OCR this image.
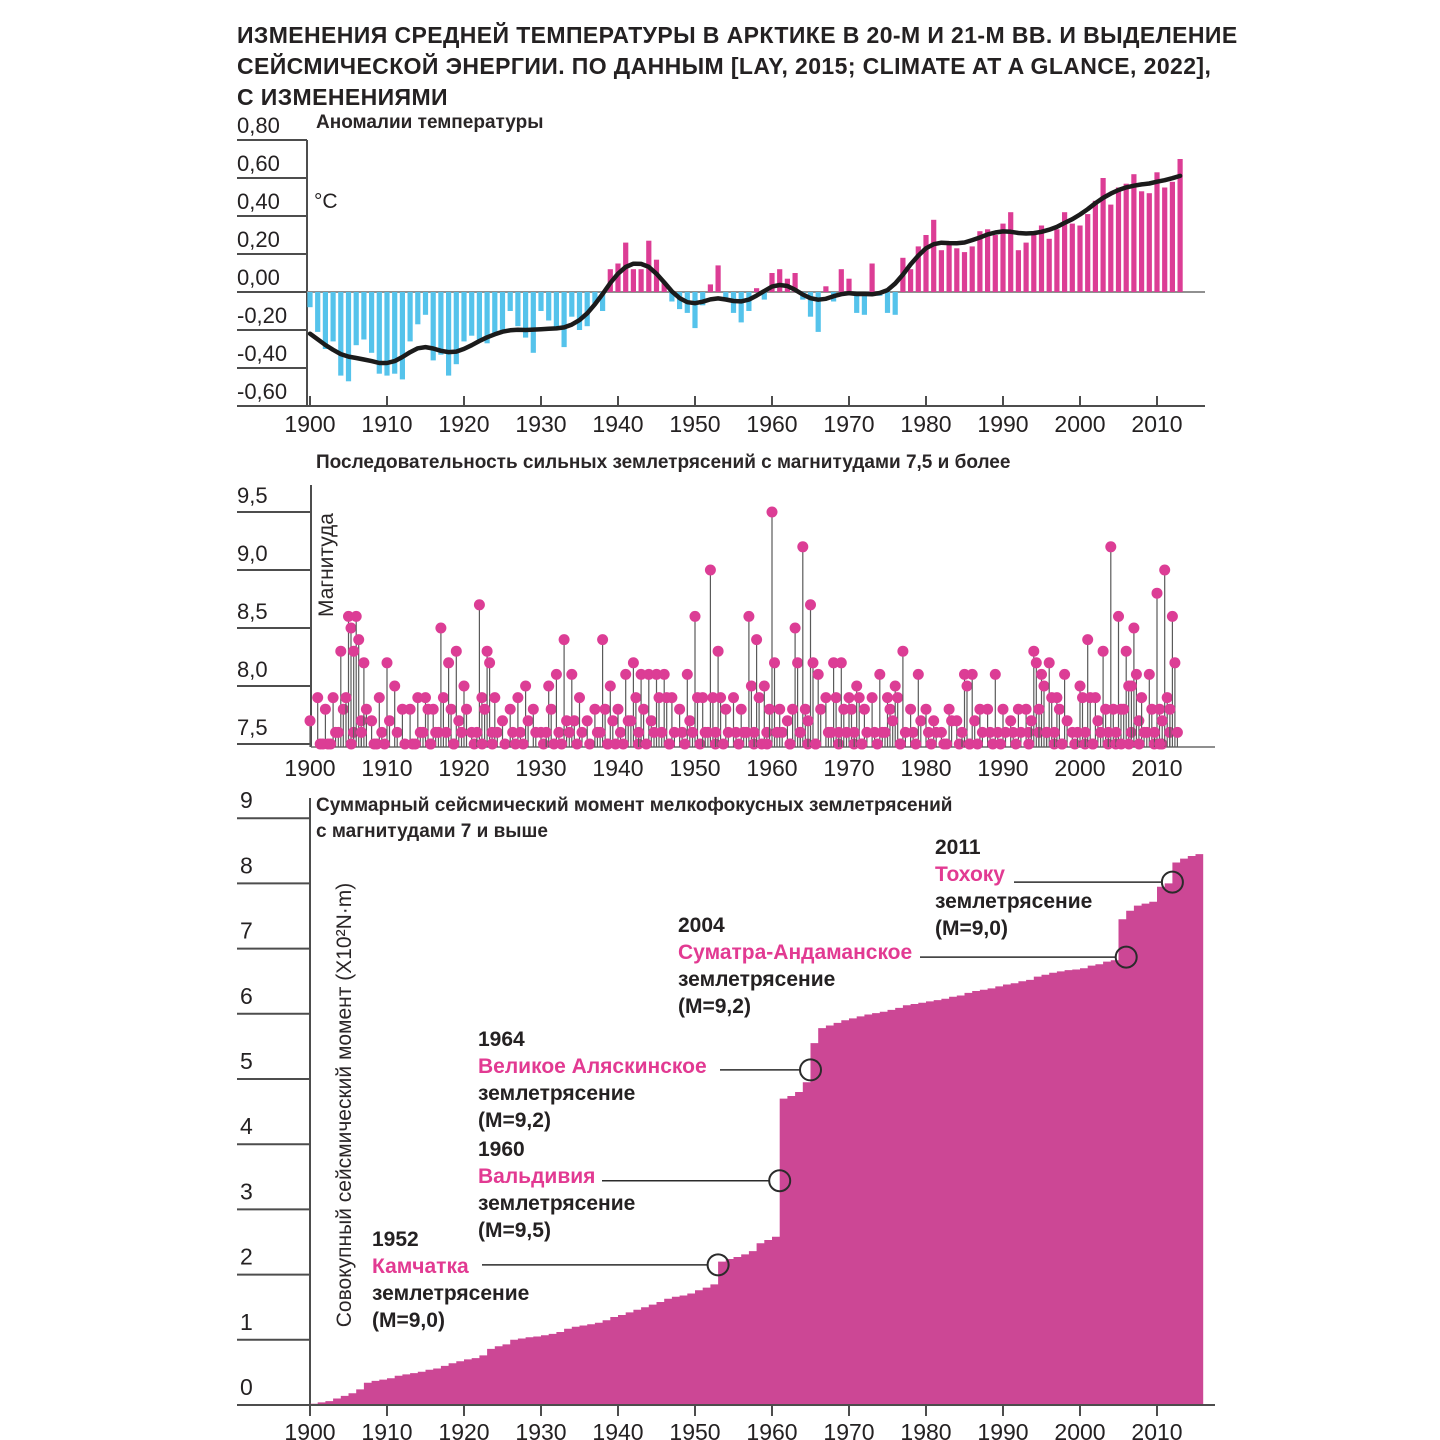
ИЗМЕНЕНИЯ СРЕДНЕЙ ТЕМПЕРАТУРЫ В АРКТИКЕ В 20-М И 21-М ВВ. И ВЫДЕЛЕНИЕ
СЕЙСМИЧЕСКОЙ ЭНЕРГИИ. ПО ДАННЫМ [LAY, 2015; CLIMATE AT A GLANCE, 2022],
С ИЗМЕНЕНИЯМИ
Аномалии температуры
0,80
0,60
0,40
0,20
0,00
-0,20
-0,40
-0,60
1900 1910 1920 1930 1940 1950 1960 1970 1980 1990 2000 2010
°C
Последовательность сильных землетрясений с магнитудами 7,5 и более
Магнитуда
9,5
9,0
8,5
8,0
7,5
1900 1910 1920 1930 1940 1950 1960 1970 1980 1990 2000 2010
Суммарный сейсмический момент мелкофокусных землетрясений
с магнитудами 7 и выше
Совокупный сейсмический момент (Х10²N·m)
9
8
7
6
5
4
3
2
1
0
1900 1910 1920 1930 1940 1950 1960 1970 1980 1990 2000 2010
1952
Камчатка
землетрясение
(М=9,0)
1960
Вальдивия
землетрясение
(М=9,5)
1964
Великое Аляскинское
землетрясение
(М=9,2)
2004
Суматра-Андаманское
землетрясение
(М=9,2)
2011
Тохоку
землетрясение
(М=9,0)
